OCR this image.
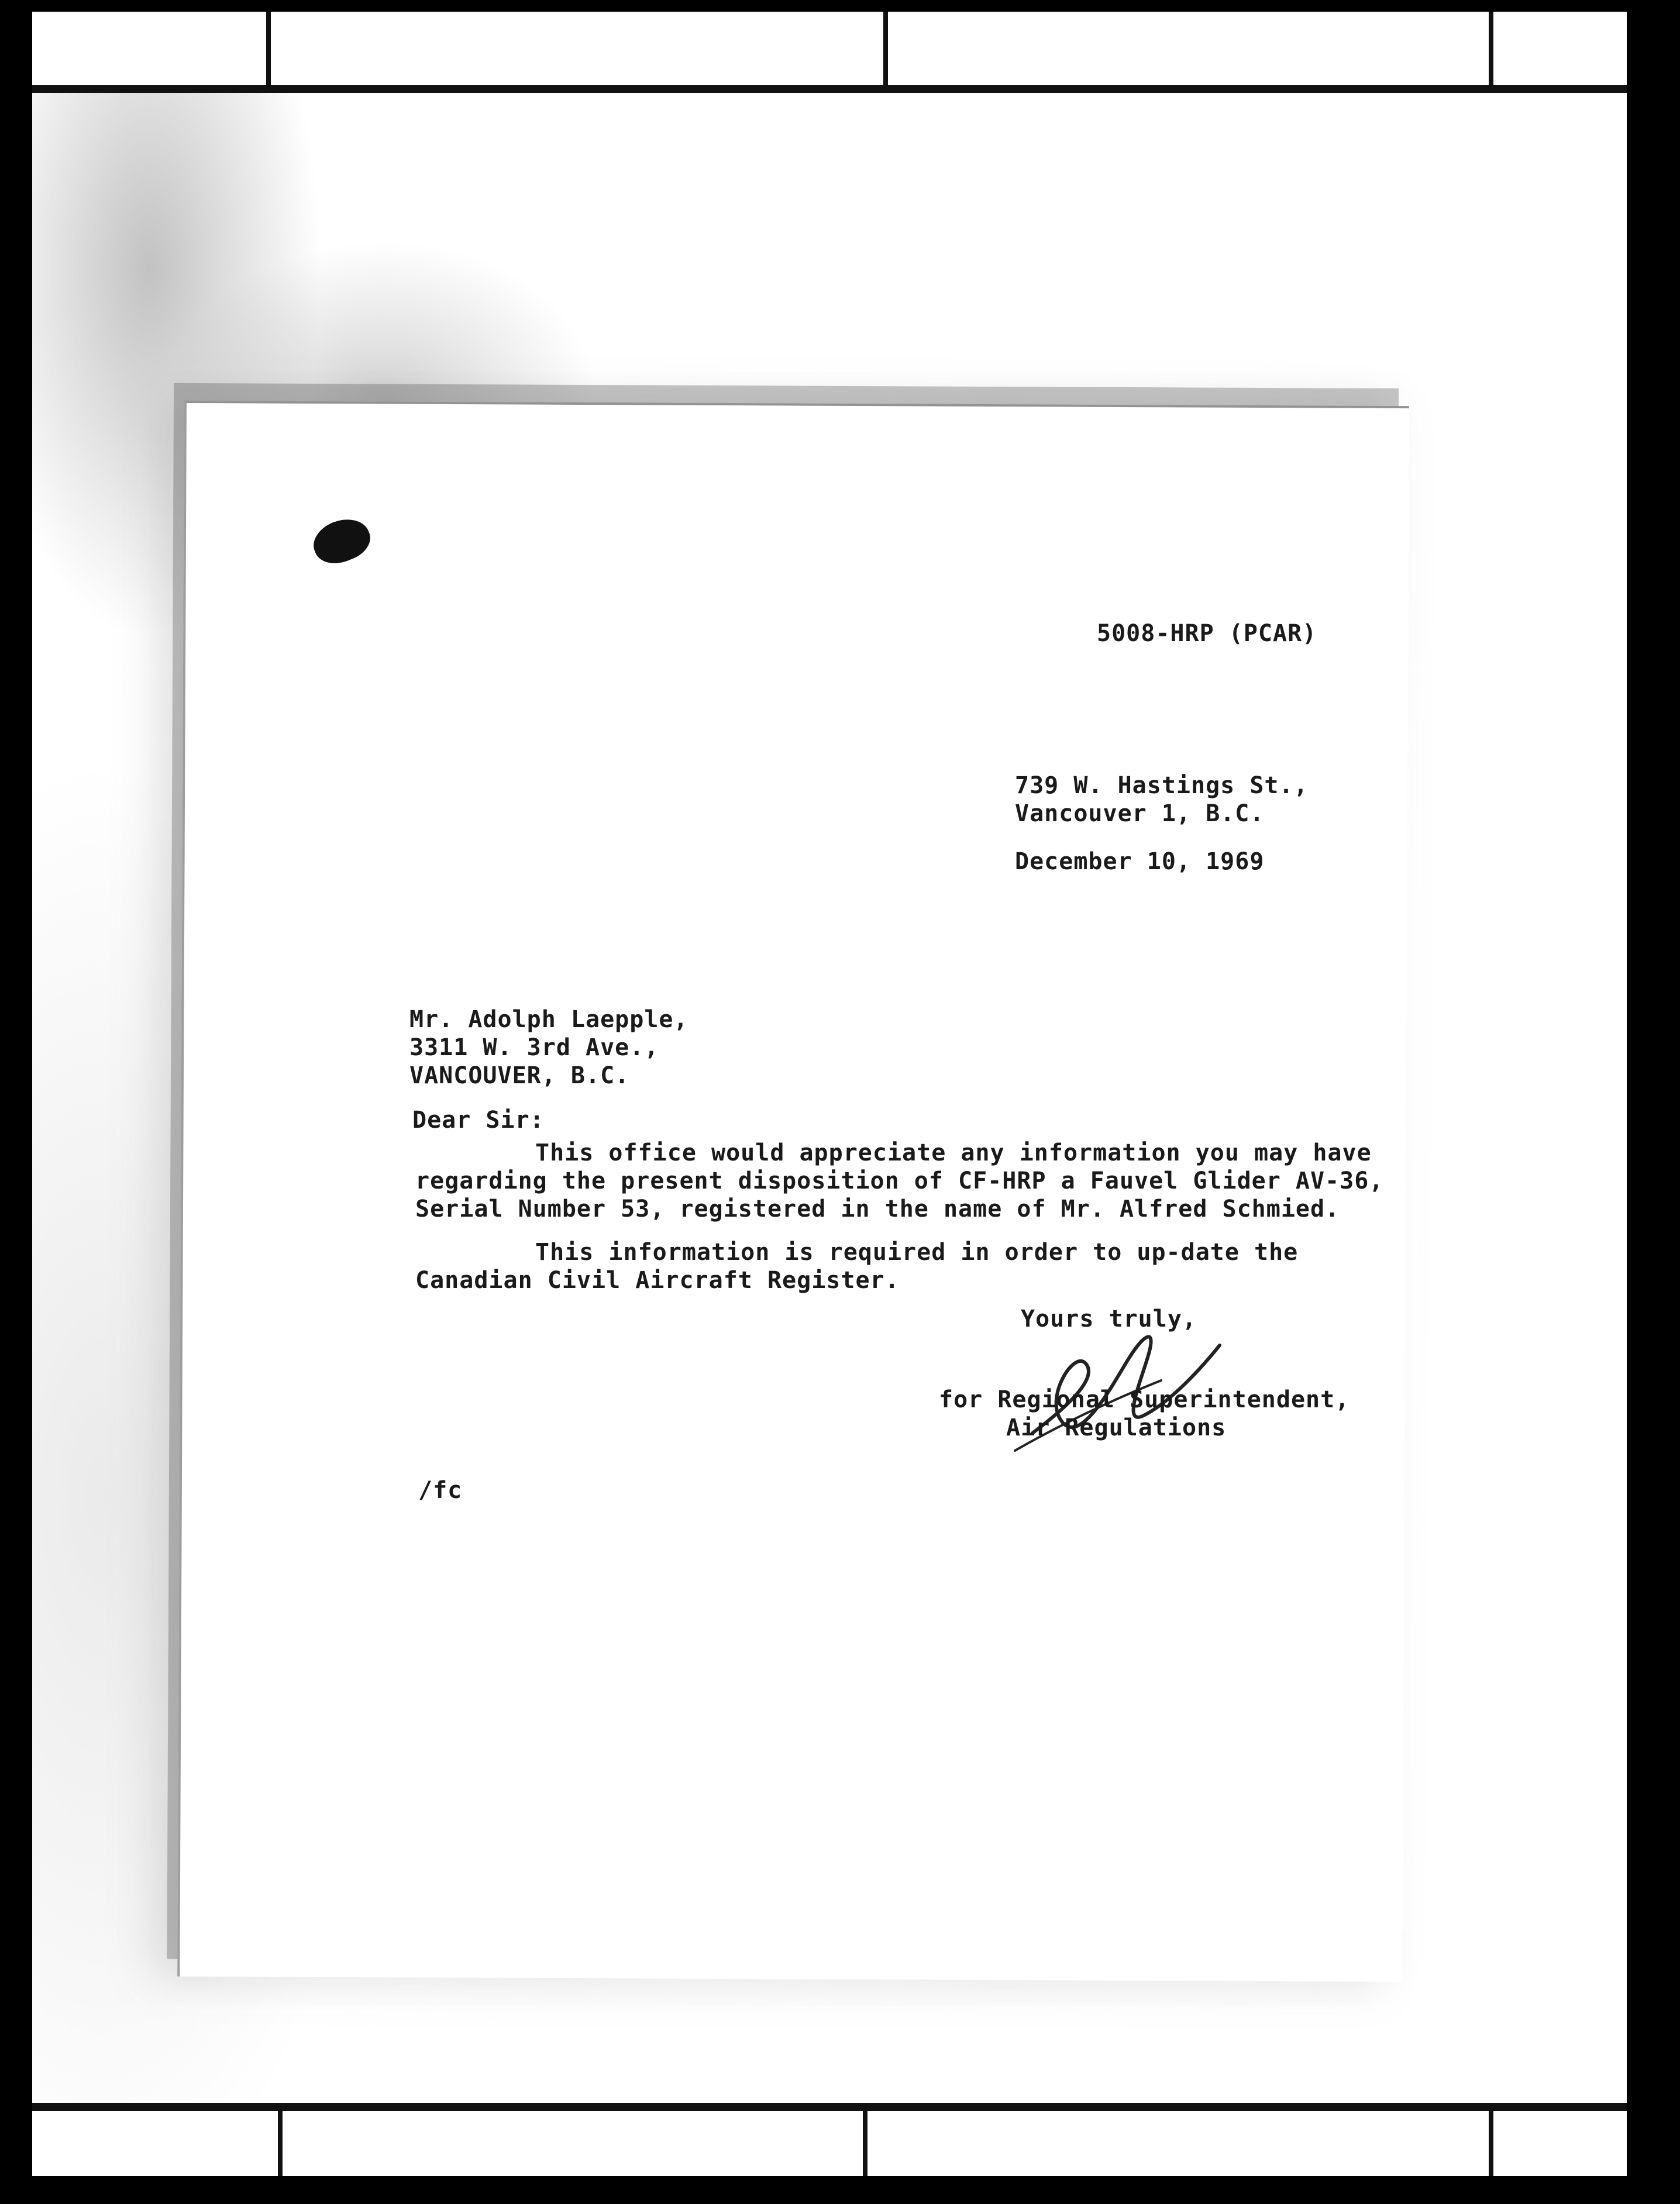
5008-HRP (PCAR)
739 W. Hastings St.,
Vancouver 1, B.C.
December 10, 1969
Mr. Adolph Laepple,
3311 W. 3rd Ave.,
VANCOUVER, B.C.
Dear Sir:
This office would appreciate any information you may have
regarding the present disposition of CF-HRP a Fauvel Glider AV-36,
Serial Number 53, registered in the name of Mr. Alfred Schmied.
This information is required in order to up-date the
Canadian Civil Aircraft Register.
Yours truly,
for Regional Superintendent,
Air Regulations
/fc
